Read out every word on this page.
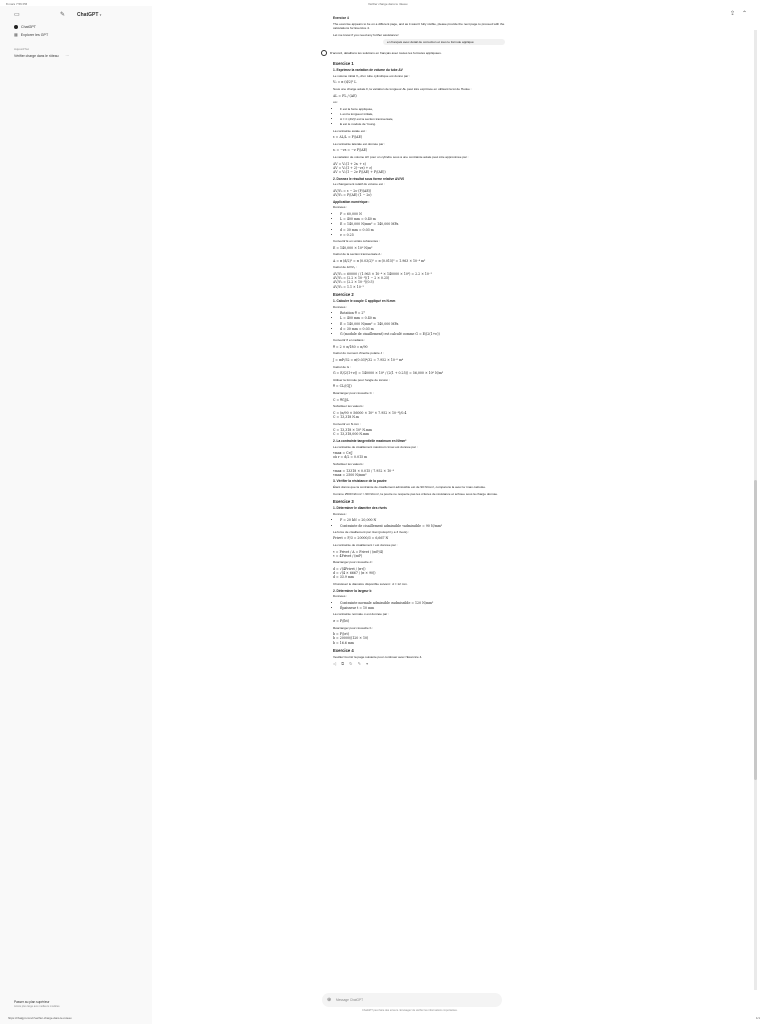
8 mars 7:56 PM	Vérifier charge dans le rôteau
▭	✎
ChatGPT
▦ Explorer les GPT
Aujourd'hui
Vérifier charge dans le rôteau ···
Passer au plan supérieur
Accès plus large aux meilleurs modèles
https://chatgpt.com/c/verifier-charge-dans-le-roteau
ChatGPT ▾	⇪ ⌃

Exercice 4

The exercise appears to be on a different page, and as it wasn't fully visible, please provide the next page to proceed with the calculations for Exercice 4.

Let me know if you need any further assistance!

en français avec détail de correction et tous le formule appliqué

D'accord, détaillons les solutions en français avec toutes les formules appliquées.

Exercice 1

1. Exprimez la variation de volume du tube ΔV

Le volume initial V₀ d'un tube cylindrique est donné par :

V₀ = π (d/2)² L

Sous une charge axiale F, la variation de longueur ΔL peut être exprimée en utilisant la loi de Hooke :

ΔL = FL / (AE)

où :

• F est la force appliquée,
• L est la longueur initiale,
• A = π (d/2)² est la section transversale,
• E est le module de Young.

La contrainte axiale est :

ε = ΔL/L = F/(AE)

La contrainte latérale est donnée par :

εₗ = −νε = −ν F/(AE)

La variation de volume ΔV pour un cylindre sous à une contrainte axiale peut être approximée par :

ΔV = V₀(1 + 2εₗ + ε)

ΔV = V₀(1 + 2(−νε) + ε)

ΔV = V₀(1 − 2ν F/(AE) + F/(AE))

2. Donnez le résultat sous forme relative ΔV/V0

Le changement relatif du volume est :

ΔV/V₀ = ε − 2ν (F/(AE))

ΔV/V₀ = F/(AE) (1 − 2ν)

Application numérique :

Données :

• F = 60,000 N
• L = 400 mm = 0.40 m
• E = 140,000 N/mm² = 140,000 MPa
• d = 30 mm = 0.03 m
• ν = 0.25

Convertir E en unités cohérentes :

E = 140,000 × 10⁶ N/m²

Calcul de la section transversale A :

A = π (d/2)² = π (0.03/2)² = π (0.015)² = 1.963 × 10⁻⁴ m²

Calcul de ΔV/V₀ :

ΔV/V₀ = 60000 / (1.963 × 10⁻⁴ × 140000 × 10⁶) = 2.2 × 10⁻³

ΔV/V₀ = (2.2 × 10⁻³)(1 − 2 × 0.25)

ΔV/V₀ = (2.2 × 10⁻³)(0.5)

ΔV/V₀ = 1.1 × 10⁻³

Exercice 2

1. Calculer le couple C appliqué en N.mm

Données :

• Rotation θ = 2°
• L = 400 mm = 0.40 m
• E = 140,000 N/mm² = 140,000 MPa
• d = 30 mm = 0.03 m
• G (module de cisaillement) est calculé comme G = E/(2(1+ν))

Convertir θ en radians :

θ = 2 × π/180 = π/90

Calcul du moment d'inertie polaire J :

J = πd⁴/32 = π(0.03)⁴/32 = 7.952 × 10⁻⁸ m⁴

Calcul de G :

G = E/(2(1+ν)) = 140000 × 10⁶ / (2(1 + 0.25)) = 56,000 × 10⁶ N/m²

Utiliser la formule pour l'angle de torsion :

θ = CL/(GJ)

Réarranger pour résoudre C :

C = θGJ/L

Substituer les valeurs :

C = (π/90 × 56000 × 10⁶ × 7.952 × 10⁻⁸)/0.4

C = 13,318 N.m

Convertir en N.mm :

C = 13,318 × 10³ N.mm

C = 13,318,000 N.mm

2. La contrainte tangentielle maximum en N/mm²

La contrainte de cisaillement maximum τmax est donnée par :

τmax = Cr/J

où r = d/2 = 0.015 m

Substituer les valeurs :

τmax = 13318 × 0.015 / 7.952 × 10⁻⁸

τmax = 2500 N/mm²

3. Vérifier la résistance de la poutre

Étant donné que la contrainte de cisaillement admissible est de 90 N/mm², comparons la avec la τmax calculée.

Comme 2500 N/mm² > 90 N/mm², la poutre ne respecte pas les critères de résistance et échoue sous la charge donnée.

Exercice 3

1. Déterminer le diamètre des rivets

Données :

• F = 20 kN = 20,000 N
• Contrainte de cisaillement admissible τadmissible = 90 N/mm²

La force de cisaillement par rivet (puisqu'il y a 3 rivets) :

Frivet = F/3 = 20000/3 = 6,667 N

La contrainte de cisaillement τ est donnée par :

τ = Frivet / A = Frivet / (πd²/4)

τ = 4Frivet / (πd²)

Réarranger pour résoudre d :

d = √(4Frivet / (πτ))

d = √(4 × 6667 / (π × 90))

d = 33.9 mm

Choisissez le diamètre disponible suivant : d = 12 mm.

2. Déterminer la largeur b

Données :

• Contrainte normale admissible σadmissible = 120 N/mm²
• Épaisseur t = 10 mm

La contrainte normale σ est donnée par :

σ = F/(bt)

Réarranger pour résoudre b :

b = F/(σt)

b = 20000/(120 × 10)

b = 16.6 mm

Exercice 4

Veuillez fournir la page suivante pour continuer avec l'Exercice 4.

◁ ⧉ ↻ ✎ ▾

⊕ Message ChatGPT
ChatGPT peut faire des erreurs. Envisagez de vérifier les informations importantes.
1/1
